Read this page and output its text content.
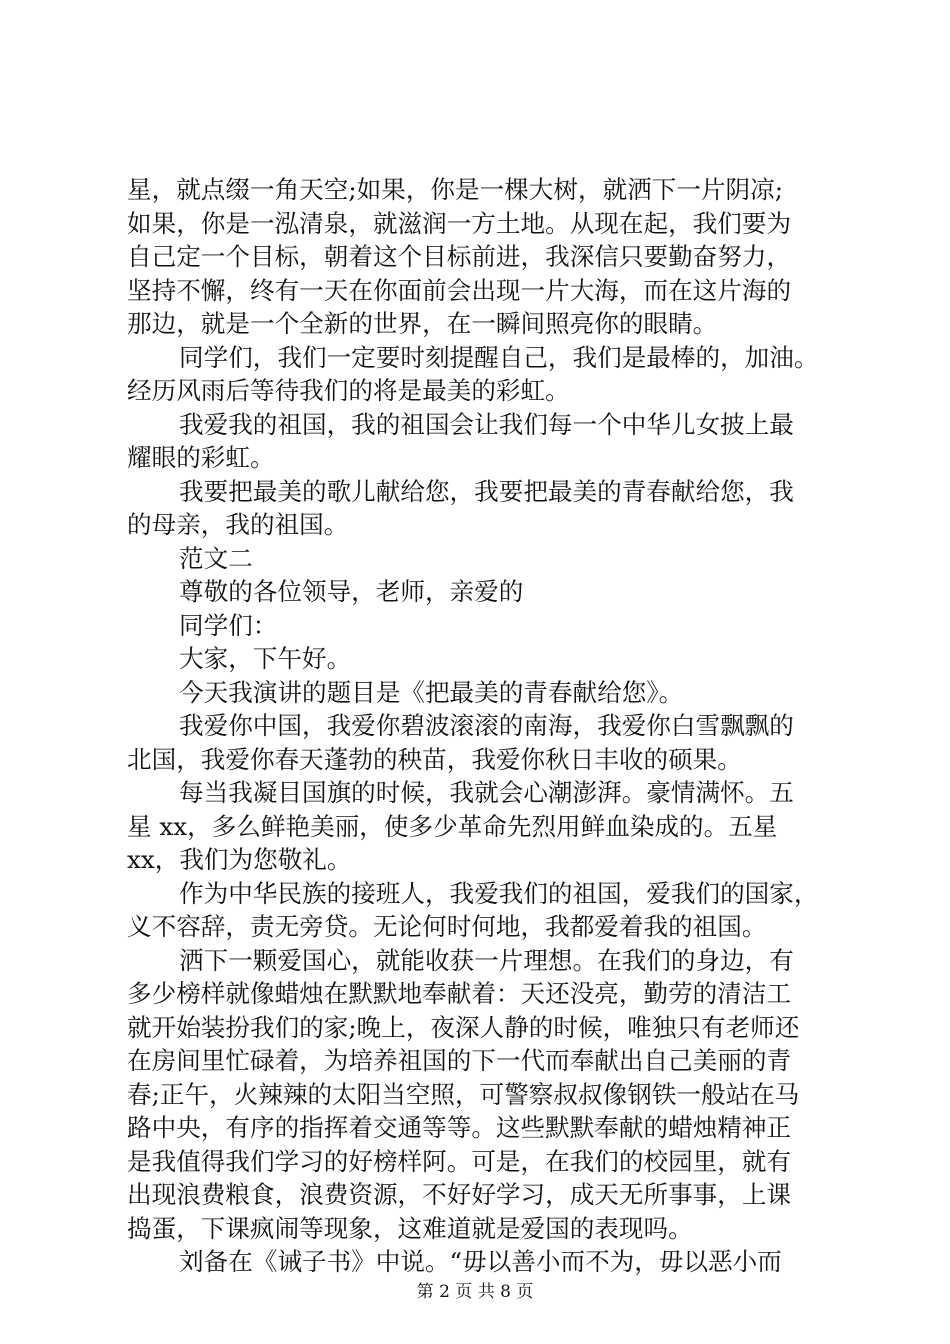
星，就点缀一角天空;如果，你是一棵大树，就洒下一片阴凉;
如果，你是一泓清泉，就滋润一方土地。从现在起，我们要为
自己定一个目标，朝着这个目标前进，我深信只要勤奋努力，
坚持不懈，终有一天在你面前会出现一片大海，而在这片海的
那边，就是一个全新的世界，在一瞬间照亮你的眼睛。
同学们，我们一定要时刻提醒自己，我们是最棒的，加油。
经历风雨后等待我们的将是最美的彩虹。
我爱我的祖国，我的祖国会让我们每一个中华儿女披上最
耀眼的彩虹。
我要把最美的歌儿献给您，我要把最美的青春献给您，我
的母亲，我的祖国。
范文二
尊敬的各位领导，老师，亲爱的
同学们：
大家，下午好。
今天我演讲的题目是《把最美的青春献给您》。
我爱你中国，我爱你碧波滚滚的南海，我爱你白雪飘飘的
北国，我爱你春天蓬勃的秧苗，我爱你秋日丰收的硕果。
每当我凝目国旗的时候，我就会心潮澎湃。豪情满怀。五
星 xx，多么鲜艳美丽，使多少革命先烈用鲜血染成的。五星
xx，我们为您敬礼。
作为中华民族的接班人，我爱我们的祖国，爱我们的国家，
义不容辞，责无旁贷。无论何时何地，我都爱着我的祖国。
洒下一颗爱国心，就能收获一片理想。在我们的身边，有
多少榜样就像蜡烛在默默地奉献着：天还没亮，勤劳的清洁工
就开始装扮我们的家;晚上，夜深人静的时候，唯独只有老师还
在房间里忙碌着，为培养祖国的下一代而奉献出自己美丽的青
春;正午，火辣辣的太阳当空照，可警察叔叔像钢铁一般站在马
路中央，有序的指挥着交通等等。这些默默奉献的蜡烛精神正
是我值得我们学习的好榜样阿。可是，在我们的校园里，就有
出现浪费粮食，浪费资源，不好好学习，成天无所事事，上课
捣蛋，下课疯闹等现象，这难道就是爱国的表现吗。
刘备在《诫子书》中说。“毋以善小而不为，毋以恶小而
第 2 页 共 8 页
